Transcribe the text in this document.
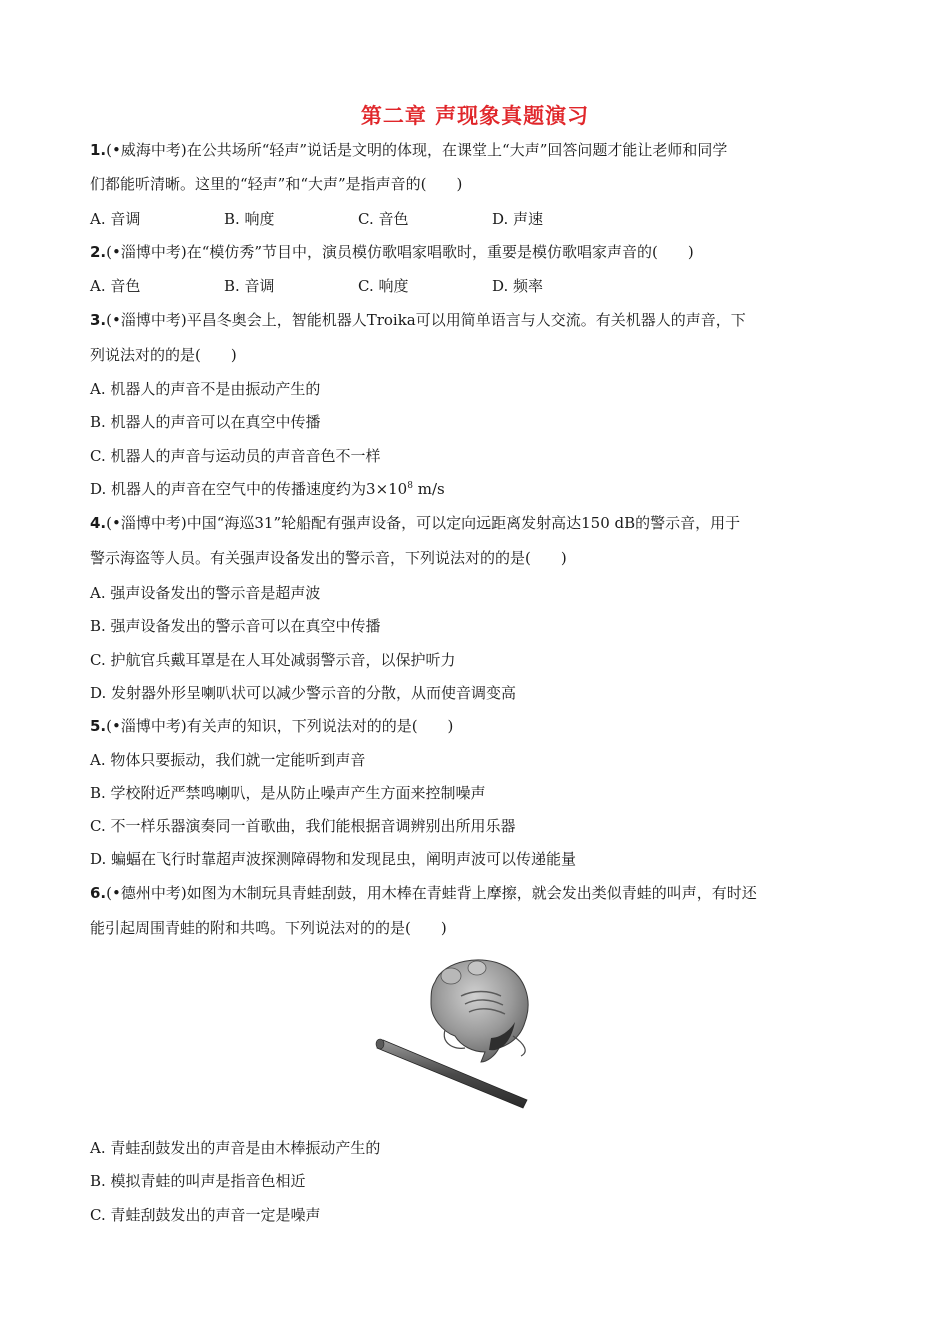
第二章 声现象真题演习
1.(•威海中考)在公共场所“轻声”说话是文明的体现，在课堂上“大声”回答问题才能让老师和同学
们都能听清晰。这里的“轻声”和“大声”是指声音的(　　)
A. 音调	B. 响度	C. 音色	D. 声速
2.(•淄博中考)在“模仿秀”节目中，演员模仿歌唱家唱歌时，重要是模仿歌唱家声音的(　　)
A. 音色	B. 音调	C. 响度	D. 频率
3.(•淄博中考)平昌冬奥会上，智能机器人Troika可以用简单语言与人交流。有关机器人的声音，下
列说法对的的是(　　)
A. 机器人的声音不是由振动产生的
B. 机器人的声音可以在真空中传播
C. 机器人的声音与运动员的声音音色不一样
D. 机器人的声音在空气中的传播速度约为$3\times 10^8$ m/s
4.(•淄博中考)中国“海巡31”轮船配有强声设备，可以定向远距离发射高达150 dB的警示音，用于
警示海盗等人员。有关强声设备发出的警示音，下列说法对的的是(　　)
A. 强声设备发出的警示音是超声波
B. 强声设备发出的警示音可以在真空中传播
C. 护航官兵戴耳罩是在人耳处减弱警示音，以保护听力
D. 发射器外形呈喇叭状可以减少警示音的分散，从而使音调变高
5.(•淄博中考)有关声的知识，下列说法对的的是(　　)
A. 物体只要振动，我们就一定能听到声音
B. 学校附近严禁鸣喇叭，是从防止噪声产生方面来控制噪声
C. 不一样乐器演奏同一首歌曲，我们能根据音调辨别出所用乐器
D. 蝙蝠在飞行时靠超声波探测障碍物和发现昆虫，阐明声波可以传递能量
6.(•德州中考)如图为木制玩具青蛙刮鼓，用木棒在青蛙背上摩擦，就会发出类似青蛙的叫声，有时还
能引起周围青蛙的附和共鸣。下列说法对的的是(　　)
A. 青蛙刮鼓发出的声音是由木棒振动产生的
B. 模拟青蛙的叫声是指音色相近
C. 青蛙刮鼓发出的声音一定是噪声
